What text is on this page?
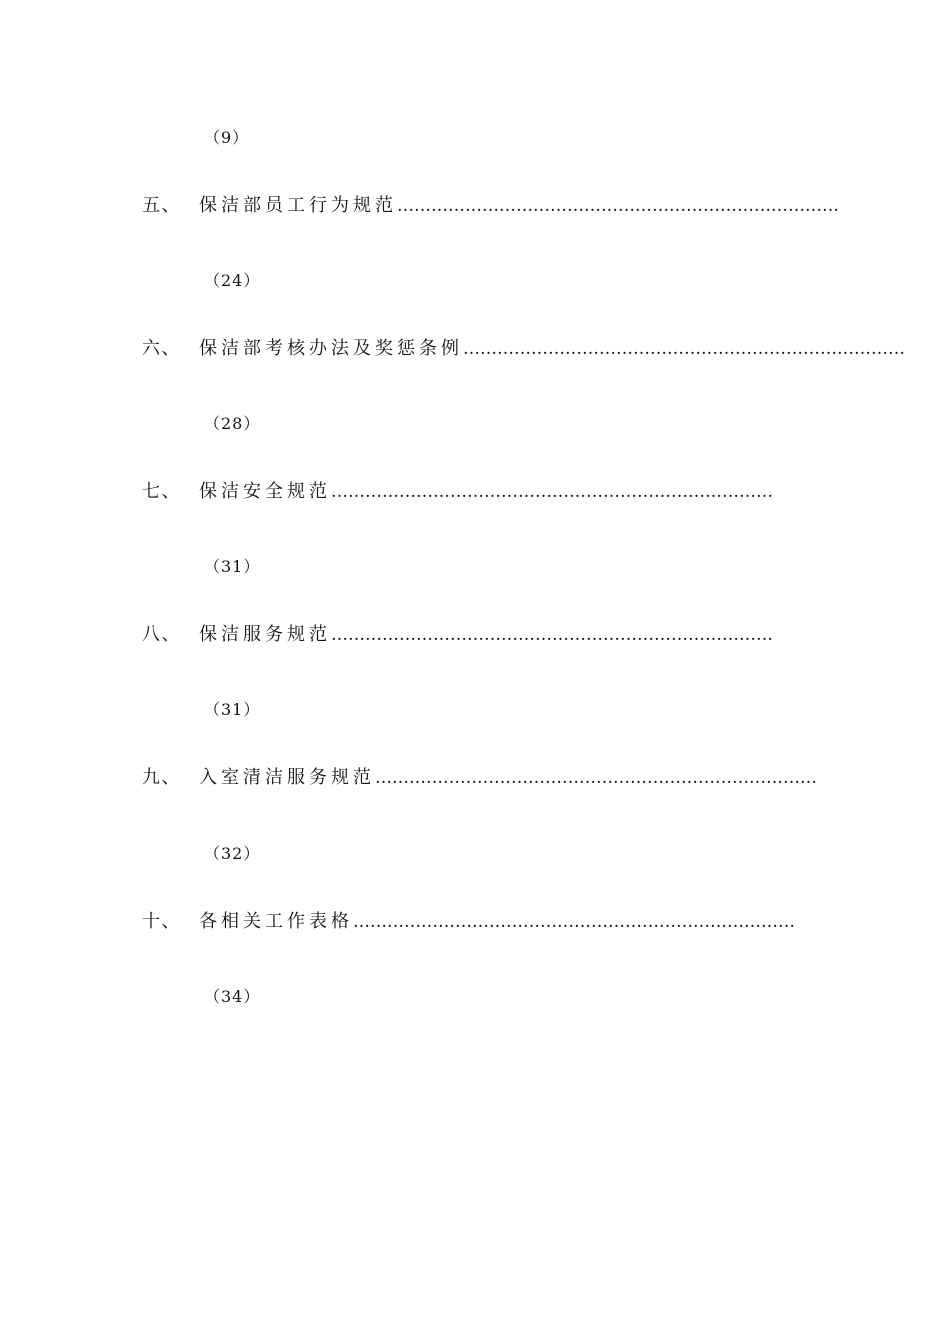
（9）
五、	保洁部员工行为规范 ……………………………………………………………………
（24）
六、	保洁部考核办法及奖惩条例 ……………………………………………………………………
（28）
七、	保洁安全规范 ……………………………………………………………………
（31）
八、	保洁服务规范 ……………………………………………………………………
（31）
九、	入室清洁服务规范 ……………………………………………………………………
（32）
十、	各相关工作表格 ……………………………………………………………………
（34）
